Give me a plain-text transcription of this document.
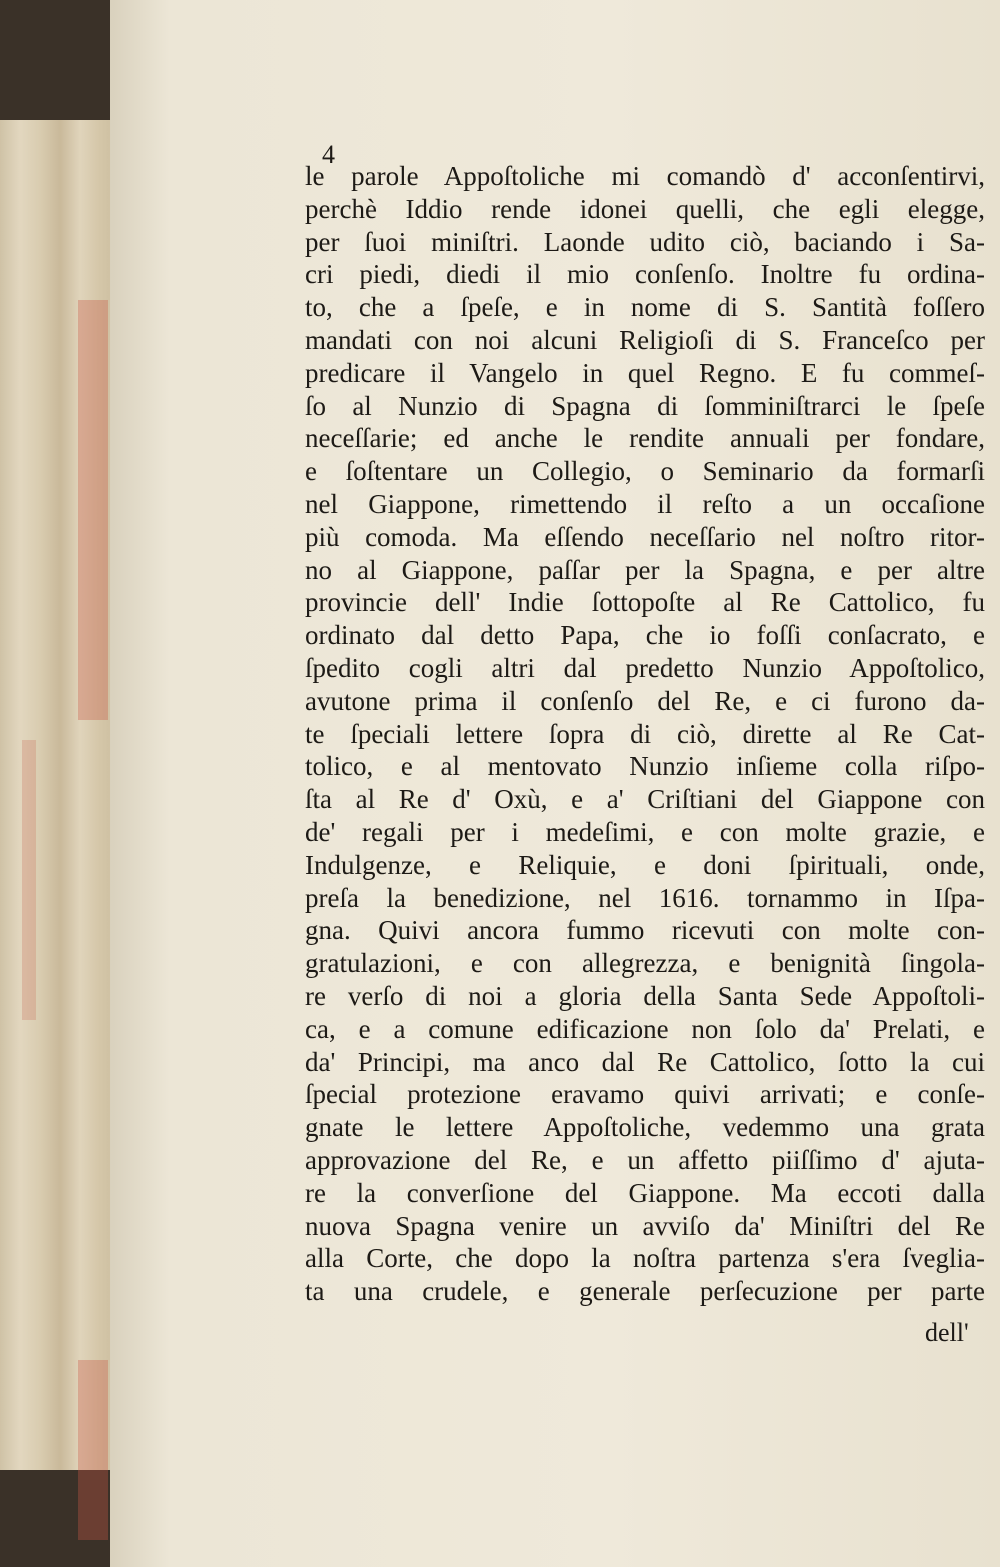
4
le parole Appoſtoliche mi comandò d' acconſentirvi,
perchè Iddio rende idonei quelli, che egli elegge,
per ſuoi miniſtri. Laonde udito ciò, baciando i Sa-
cri piedi, diedi il mio conſenſo. Inoltre fu ordina-
to, che a ſpeſe, e in nome di S. Santità foſſero
mandati con noi alcuni Religioſi di S. Franceſco per
predicare il Vangelo in quel Regno. E fu commeſ-
ſo al Nunzio di Spagna di ſomminiſtrarci le ſpeſe
neceſſarie; ed anche le rendite annuali per fondare,
e ſoſtentare un Collegio, o Seminario da formarſi
nel Giappone, rimettendo il reſto a un occaſione
più comoda. Ma eſſendo neceſſario nel noſtro ritor-
no al Giappone, paſſar per la Spagna, e per altre
provincie dell' Indie ſottopoſte al Re Cattolico, fu
ordinato dal detto Papa, che io foſſi conſacrato, e
ſpedito cogli altri dal predetto Nunzio Appoſtolico,
avutone prima il conſenſo del Re, e ci furono da-
te ſpeciali lettere ſopra di ciò, dirette al Re Cat-
tolico, e al mentovato Nunzio inſieme colla riſpo-
ſta al Re d' Oxù, e a' Criſtiani del Giappone con
de' regali per i medeſimi, e con molte grazie, e
Indulgenze, e Reliquie, e doni ſpirituali, onde,
preſa la benedizione, nel 1616. tornammo in Iſpa-
gna. Quivi ancora fummo ricevuti con molte con-
gratulazioni, e con allegrezza, e benignità ſingola-
re verſo di noi a gloria della Santa Sede Appoſtoli-
ca, e a comune edificazione non ſolo da' Prelati, e
da' Principi, ma anco dal Re Cattolico, ſotto la cui
ſpecial protezione eravamo quivi arrivati; e conſe-
gnate le lettere Appoſtoliche, vedemmo una grata
approvazione del Re, e un affetto piiſſimo d' ajuta-
re la converſione del Giappone. Ma eccoti dalla
nuova Spagna venire un avviſo da' Miniſtri del Re
alla Corte, che dopo la noſtra partenza s'era ſveglia-
ta una crudele, e generale perſecuzione per parte
dell'
